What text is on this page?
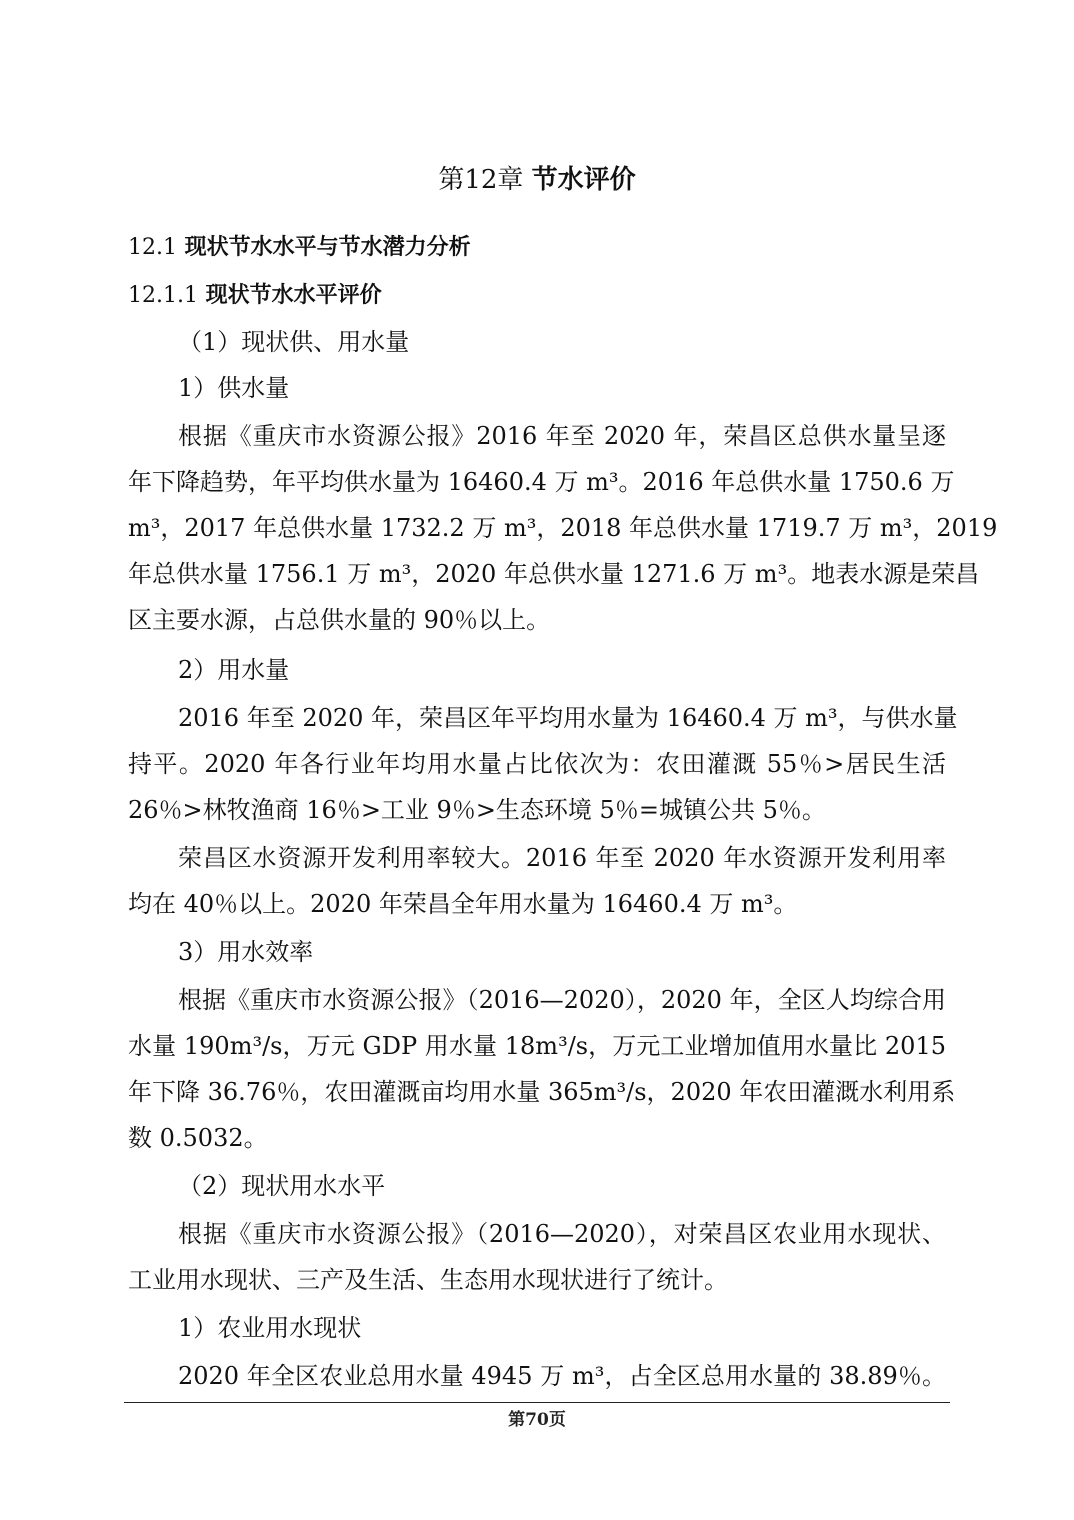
第12章 节水评价
12.1 现状节水水平与节水潜力分析
12.1.1 现状节水水平评价
（1）现状供、用水量
1）供水量
根据《重庆市水资源公报》2016 年至 2020 年，荣昌区总供水量呈逐
年下降趋势，年平均供水量为 16460.4 万 m³。2016 年总供水量 1750.6 万
m³，2017 年总供水量 1732.2 万 m³，2018 年总供水量 1719.7 万 m³，2019
年总供水量 1756.1 万 m³，2020 年总供水量 1271.6 万 m³。地表水源是荣昌
区主要水源，占总供水量的 90％以上。
2）用水量
2016 年至 2020 年，荣昌区年平均用水量为 16460.4 万 m³，与供水量
持平。2020 年各行业年均用水量占比依次为：农田灌溉 55％>居民生活
26％>林牧渔商 16％>工业 9％>生态环境 5％=城镇公共 5％。
荣昌区水资源开发利用率较大。2016 年至 2020 年水资源开发利用率
均在 40％以上。2020 年荣昌全年用水量为 16460.4 万 m³。
3）用水效率
根据《重庆市水资源公报》（2016—2020），2020 年，全区人均综合用
水量 190m³/s，万元 GDP 用水量 18m³/s，万元工业增加值用水量比 2015
年下降 36.76％，农田灌溉亩均用水量 365m³/s，2020 年农田灌溉水利用系
数 0.5032。
（2）现状用水水平
根据《重庆市水资源公报》（2016—2020），对荣昌区农业用水现状、
工业用水现状、三产及生活、生态用水现状进行了统计。
1）农业用水现状
2020 年全区农业总用水量 4945 万 m³，占全区总用水量的 38.89％。
第70页
